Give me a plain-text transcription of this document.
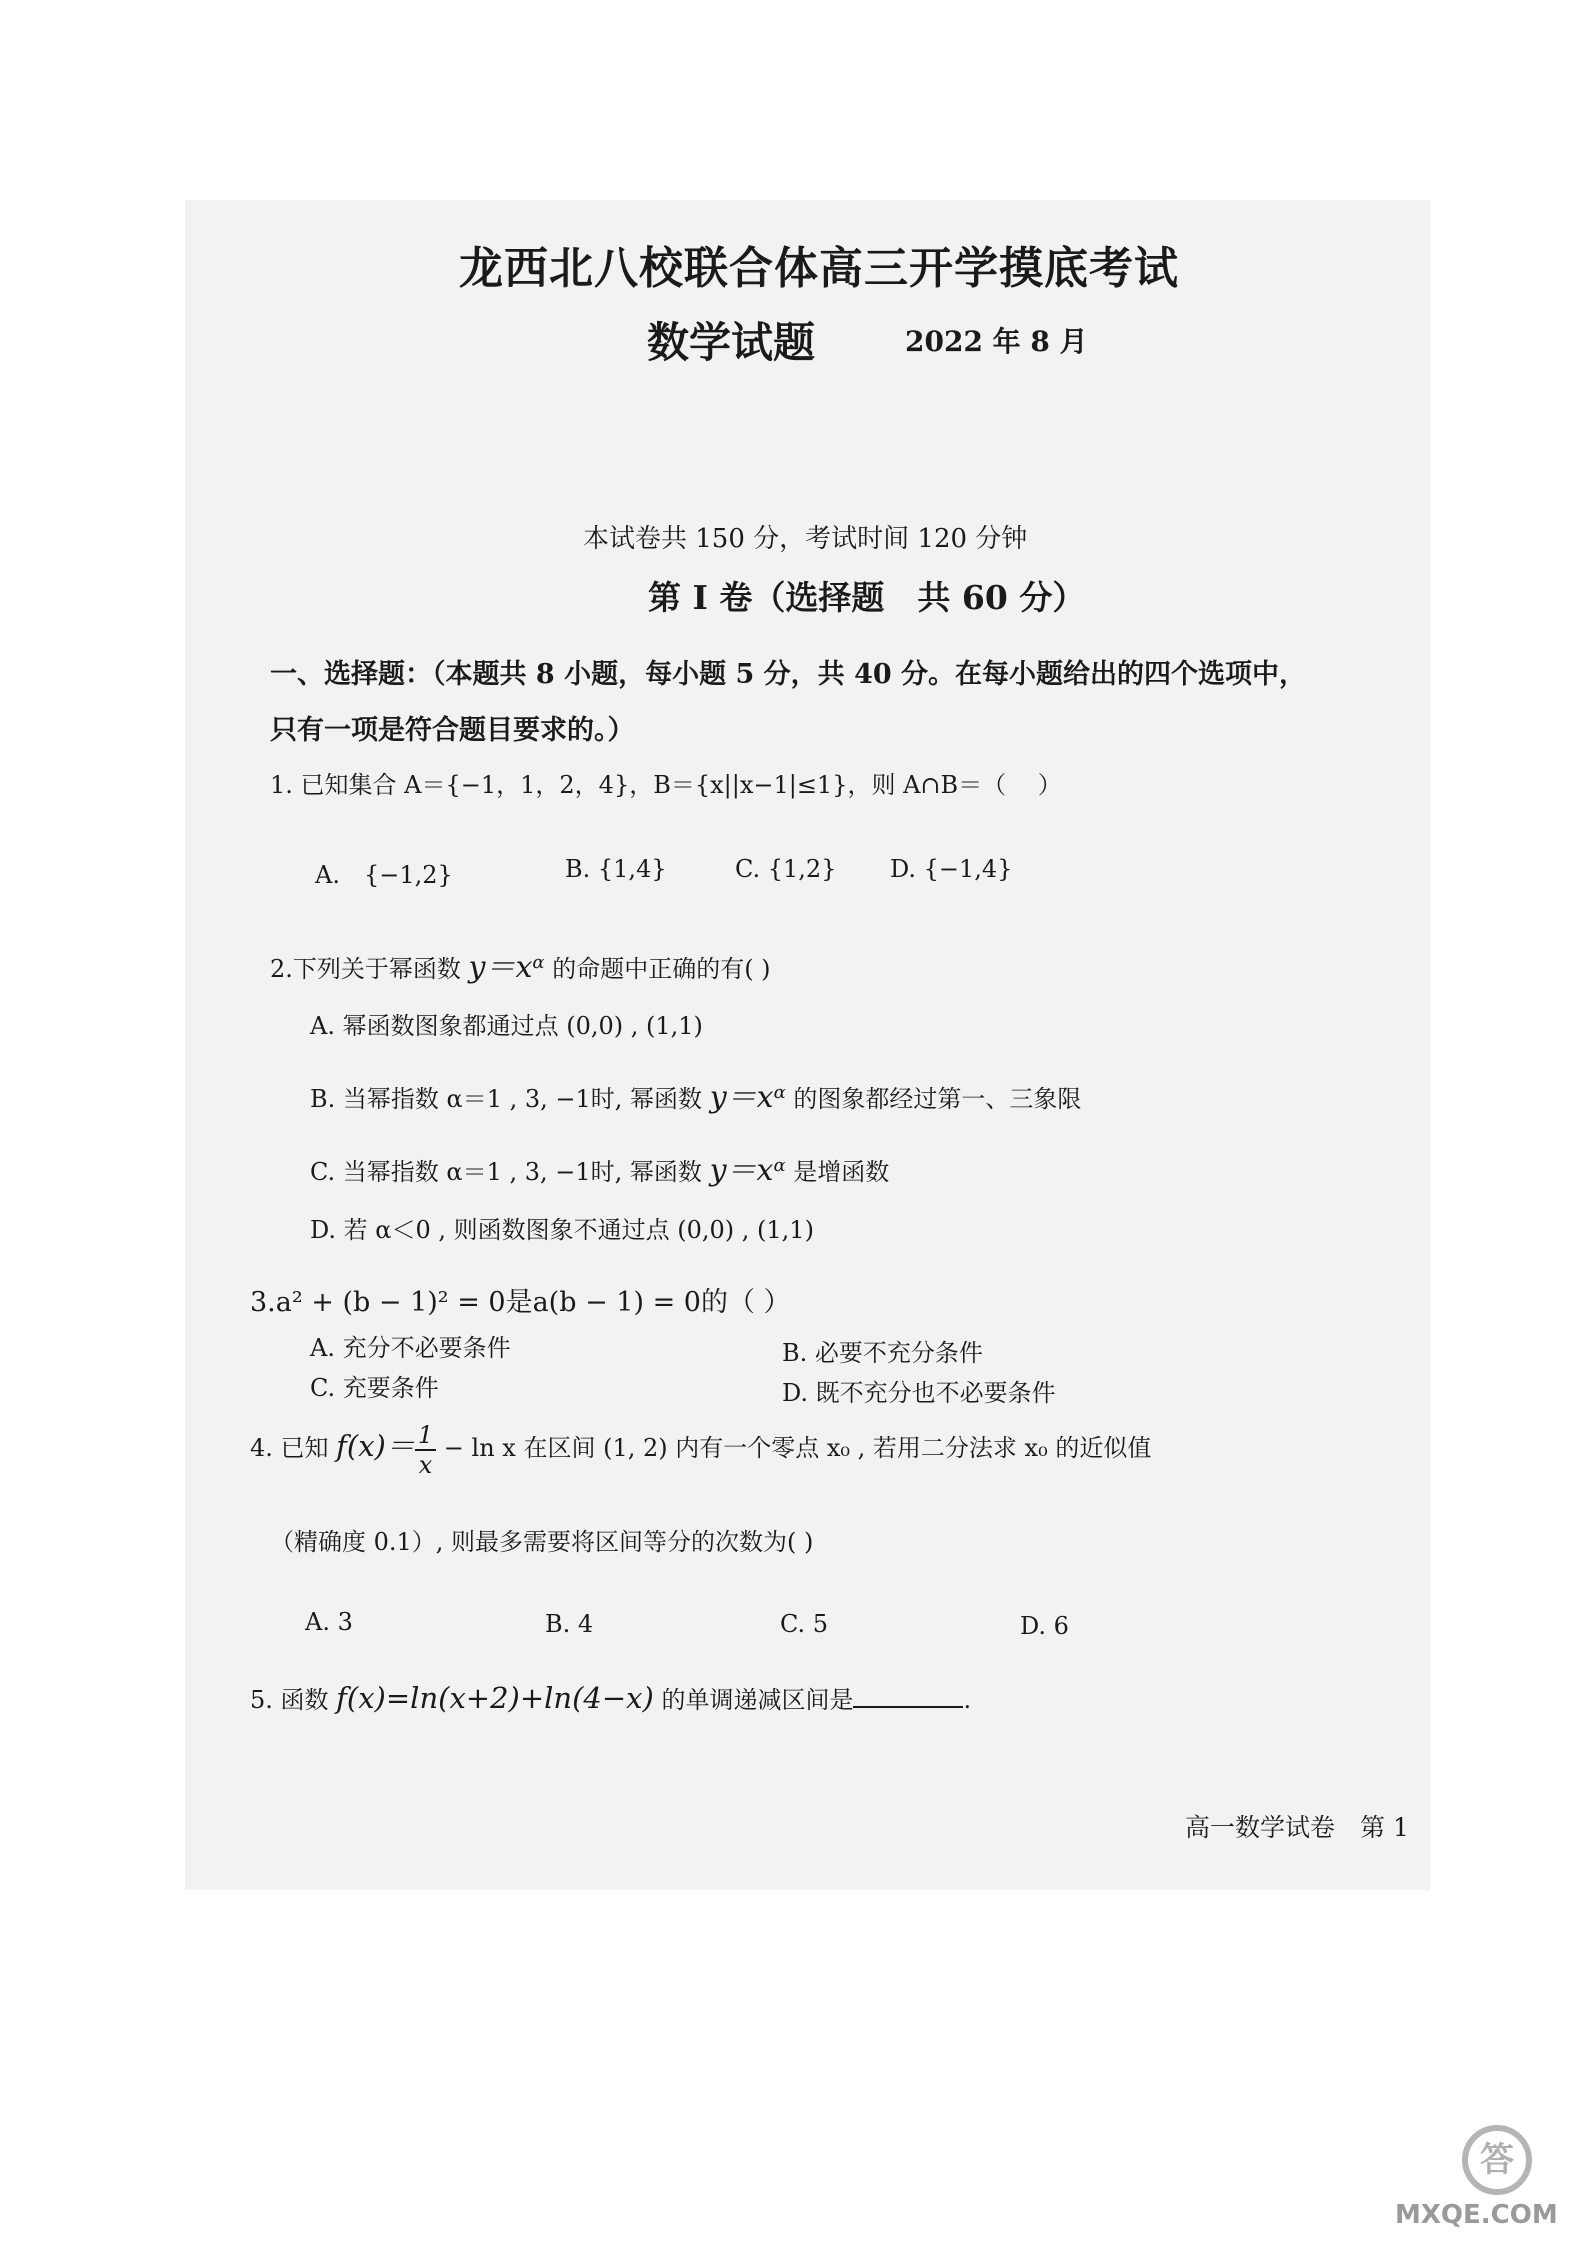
龙西北八校联合体高三开学摸底考试
数学试题	2022 年 8 月
本试卷共 150 分，考试时间 120 分钟
第 I 卷（选择题　共 60 分）
一、选择题：（本题共 8 小题，每小题 5 分，共 40 分。在每小题给出的四个选项中，
只有一项是符合题目要求的。）
1. 已知集合 A＝{−1，1，2，4}，B＝{x||x−1|≤1}，则 A∩B＝（　 ）
A.　{−1,2}	B. {1,4}	C. {1,2} D. {−1,4}
2.下列关于幂函数 $y=x^\alpha$ 的命题中正确的有( )
A. 幂函数图象都通过点 (0,0) , (1,1)
B. 当幂指数 α＝1 , 3, −1时, 幂函数 $y=x^\alpha$ 的图象都经过第一、三象限
C. 当幂指数 α＝1 , 3, −1时, 幂函数 $y=x^\alpha$ 是增函数
D. 若 α＜0 , 则函数图象不通过点 (0,0) , (1,1)
3.a² + (b − 1)² = 0是a(b − 1) = 0的（ ）
A. 充分不必要条件	B. 必要不充分条件
C. 充要条件	D. 既不充分也不必要条件
4. 已知 $f(x)= \frac{1}{x} - \ln x$ 在区间 (1, 2) 内有一个零点 x₀ , 若用二分法求 x₀ 的近似值
（精确度 0.1）, 则最多需要将区间等分的次数为( )
A. 3	B. 4	C. 5	D. 6
5. 函数 f(x)=ln(x+2)+ln(4−x) 的单调递减区间是	.
高一数学试卷　第 1
答
MXQE.COM
